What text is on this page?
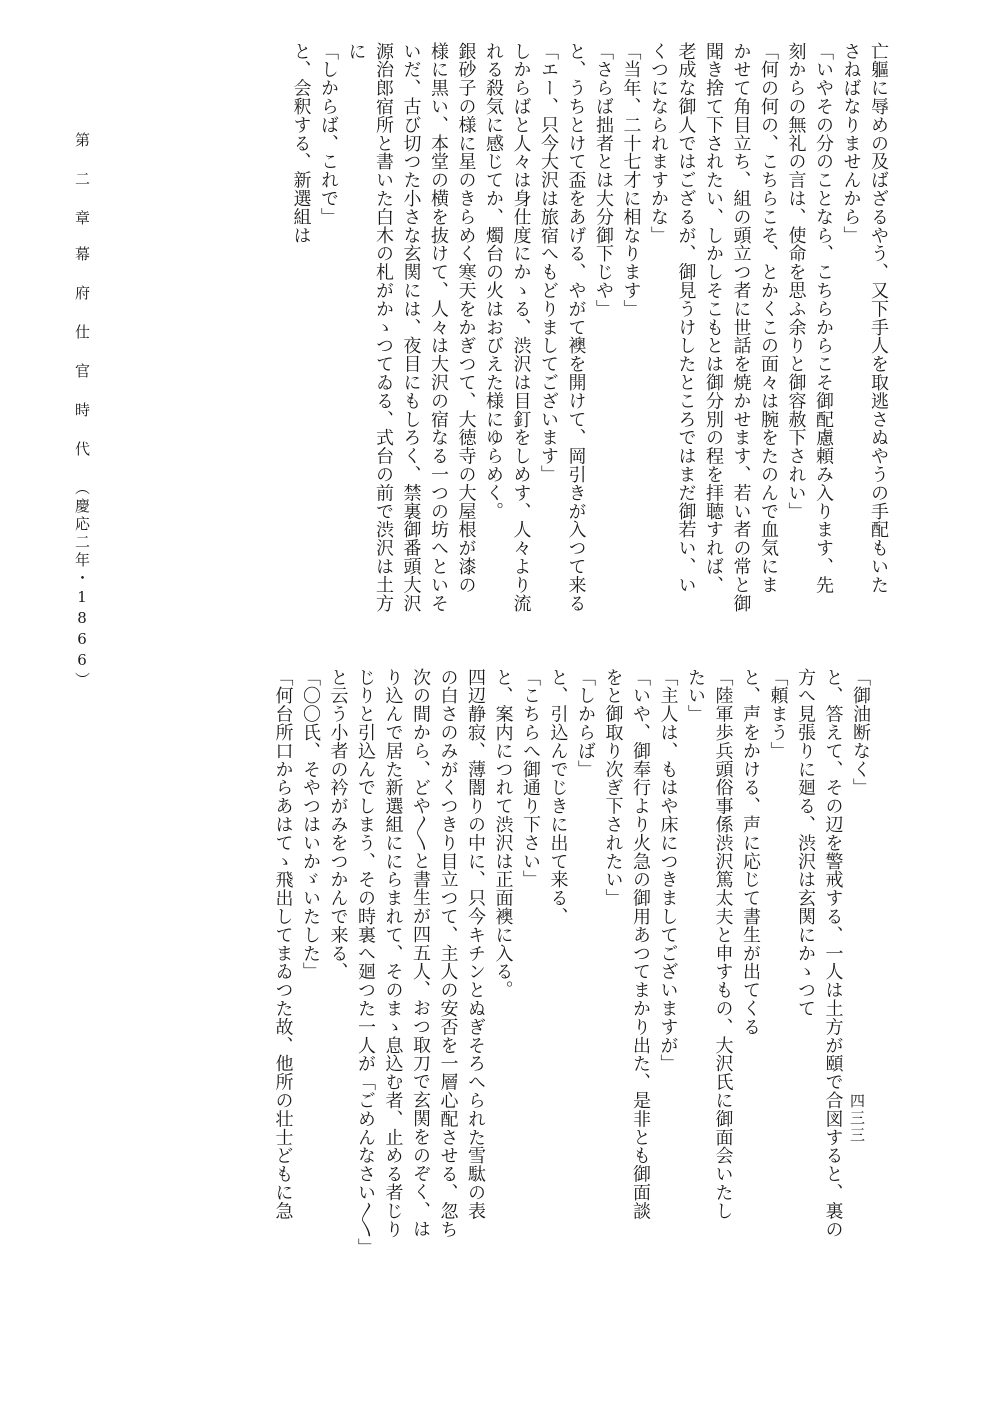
第 二 章　幕 府 仕 官 時 代 （慶応二年・1866）	亡軀に辱めの及ばざるやう、又下手人を取逃さぬやうの手配もいた
さねばなりませんから」
「いやその分のことなら、こちらからこそ御配慮頼み入ります、先
刻からの無礼の言は、使命を思ふ余りと御容赦下されい」
「何の何の、こちらこそ、とかくこの面々は腕をたのんで血気にま
かせて角目立ち、組の頭立つ者に世話を焼かせます、若い者の常と御
聞き捨て下されたい、しかしそこもとは御分別の程を拝聴すれば、
老成な御人ではござるが、御見うけしたところではまだ御若い、い
くつになられますかな」
「当年、二十七才に相なります」
「さらば拙者とは大分御下じや」
と、うちとけて盃をあげる、やがて襖を開けて、岡引きが入つて来る
「エー、只今大沢は旅宿へもどりましてございます」
しからばと人々は身仕度にかゝる、渋沢は目釘をしめす、人々より流
れる殺気に感じてか、燭台の火はおびえた様にゆらめく。
銀砂子の様に星のきらめく寒天をかぎつて、大徳寺の大屋根が漆の
様に黒い、本堂の横を抜けて、人々は大沢の宿なる一つの坊へといそ
いだ、古び切つた小さな玄関には、夜目にもしろく、禁裏御番頭大沢
源治郎宿所と書いた白木の札がかゝつてゐる、式台の前で渋沢は土方
に
「しからば、これで」
と、会釈する、新選組は
「御油断なく」
と、答えて、その辺を警戒する、一人は土方が頤で合図すると、裏の
方へ見張りに廻る、渋沢は玄関にかゝつて
「頼まう」
と、声をかける、声に応じて書生が出てくる
「陸軍歩兵頭俗事係渋沢篤太夫と申すもの、大沢氏に御面会いたし
たい」
「主人は、もはや床につきましてございますが」
「いや、御奉行より火急の御用あつてまかり出た、是非とも御面談
をと御取り次ぎ下されたい」
「しからば」
と、引込んでじきに出て来る、
「こちらへ御通り下さい」
と、案内につれて渋沢は正面襖に入る。
四辺静寂、薄闇りの中に、只今キチンとぬぎそろへられた雪駄の表
の白さのみがくつきり目立つて、主人の安否を一層心配させる、忽ち
次の間から、どや〳〵と書生が四五人、おつ取刀で玄関をのぞく、は
り込んで居た新選組ににらまれて、そのまゝ息込む者、止める者じり
じりと引込んでしまう、その時裏へ廻つた一人が「ごめんなさい〳〵」
と云う小者の衿がみをつかんで来る、
「〇〇氏、そやつはいかゞいたした」
「何台所口からあはてゝ飛出してまゐつた故、他所の壮士どもに急	四三三
